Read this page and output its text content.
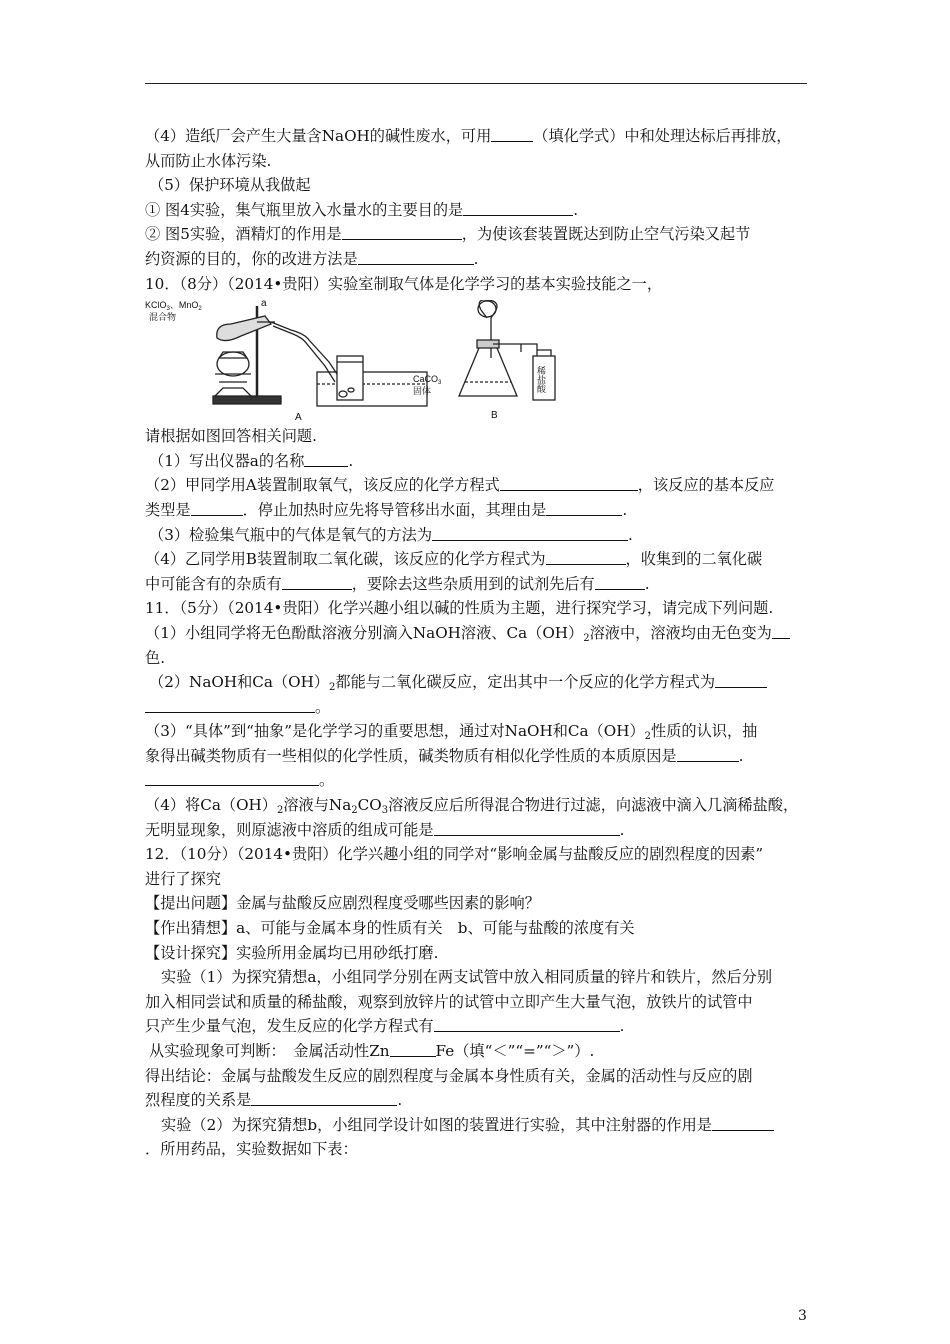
（4）造纸厂会产生大量含NaOH的碱性废水，可用	（填化学式）中和处理达标后再排放，
从而防止水体污染.
（5）保护环境从我做起
① 图4实验，集气瓶里放入水量水的主要目的是	.
② 图5实验，酒精灯的作用是	，为使该套装置既达到防止空气污染又起节
约资源的目的，你的改进方法是	.
10．（8分）（2014•贵阳）实验室制取气体是化学学习的基本实验技能之一，
KClO$_3$、MnO$_2$
混合物
a
A
CaCO$_3$
固体	稀盐酸
B
请根据如图回答相关问题.
（1）写出仪器a的名称	.
（2）甲同学用A装置制取氧气，该反应的化学方程式	，该反应的基本反应
类型是	．停止加热时应先将导管移出水面，其理由是	.
（3）检验集气瓶中的气体是氧气的方法为	.
（4）乙同学用B装置制取二氧化碳，该反应的化学方程式为	，收集到的二氧化碳
中可能含有的杂质有	，要除去这些杂质用到的试剂先后有	.
11．（5分）（2014•贵阳）化学兴趣小组以碱的性质为主题，进行探究学习，请完成下列问题.
（1）小组同学将无色酚酞溶液分别滴入NaOH溶液、$Ca(OH)_2$溶液中，溶液均由无色变为
色.
（2）NaOH和$Ca(OH)_2$都能与二氧化碳反应，定出其中一个反应的化学方程式为
。
（3）“具体”到“抽象”是化学学习的重要思想，通过对NaOH和$Ca(OH)_2$性质的认识，抽
象得出碱类物质有一些相似的化学性质，碱类物质有相似化学性质的本质原因是	.
。
（4）将$Ca(OH)_2$溶液与$Na_2CO_3$溶液反应后所得混合物进行过滤，向滤液中滴入几滴稀盐酸，
无明显现象，则原滤液中溶质的组成可能是	.
12．（10分）（2014•贵阳）化学兴趣小组的同学对“影响金属与盐酸反应的剧烈程度的因素”
进行了探究
【提出问题】金属与盐酸反应剧烈程度受哪些因素的影响？
【作出猜想】a、可能与金属本身的性质有关　b、可能与盐酸的浓度有关
【设计探究】实验所用金属均已用砂纸打磨.
实验（1）为探究猜想a，小组同学分别在两支试管中放入相同质量的锌片和铁片，然后分别
加入相同尝试和质量的稀盐酸，观察到放锌片的试管中立即产生大量气泡，放铁片的试管中
只产生少量气泡，发生反应的化学方程式有	.
从实验现象可判断：　金属活动性Zn	Fe（填“＜”“=”“＞”）.
得出结论：金属与盐酸发生反应的剧烈程度与金属本身性质有关，金属的活动性与反应的剧
烈程度的关系是	.
实验（2）为探究猜想b，小组同学设计如图的装置进行实验，其中注射器的作用是
．所用药品，实验数据如下表：
3
